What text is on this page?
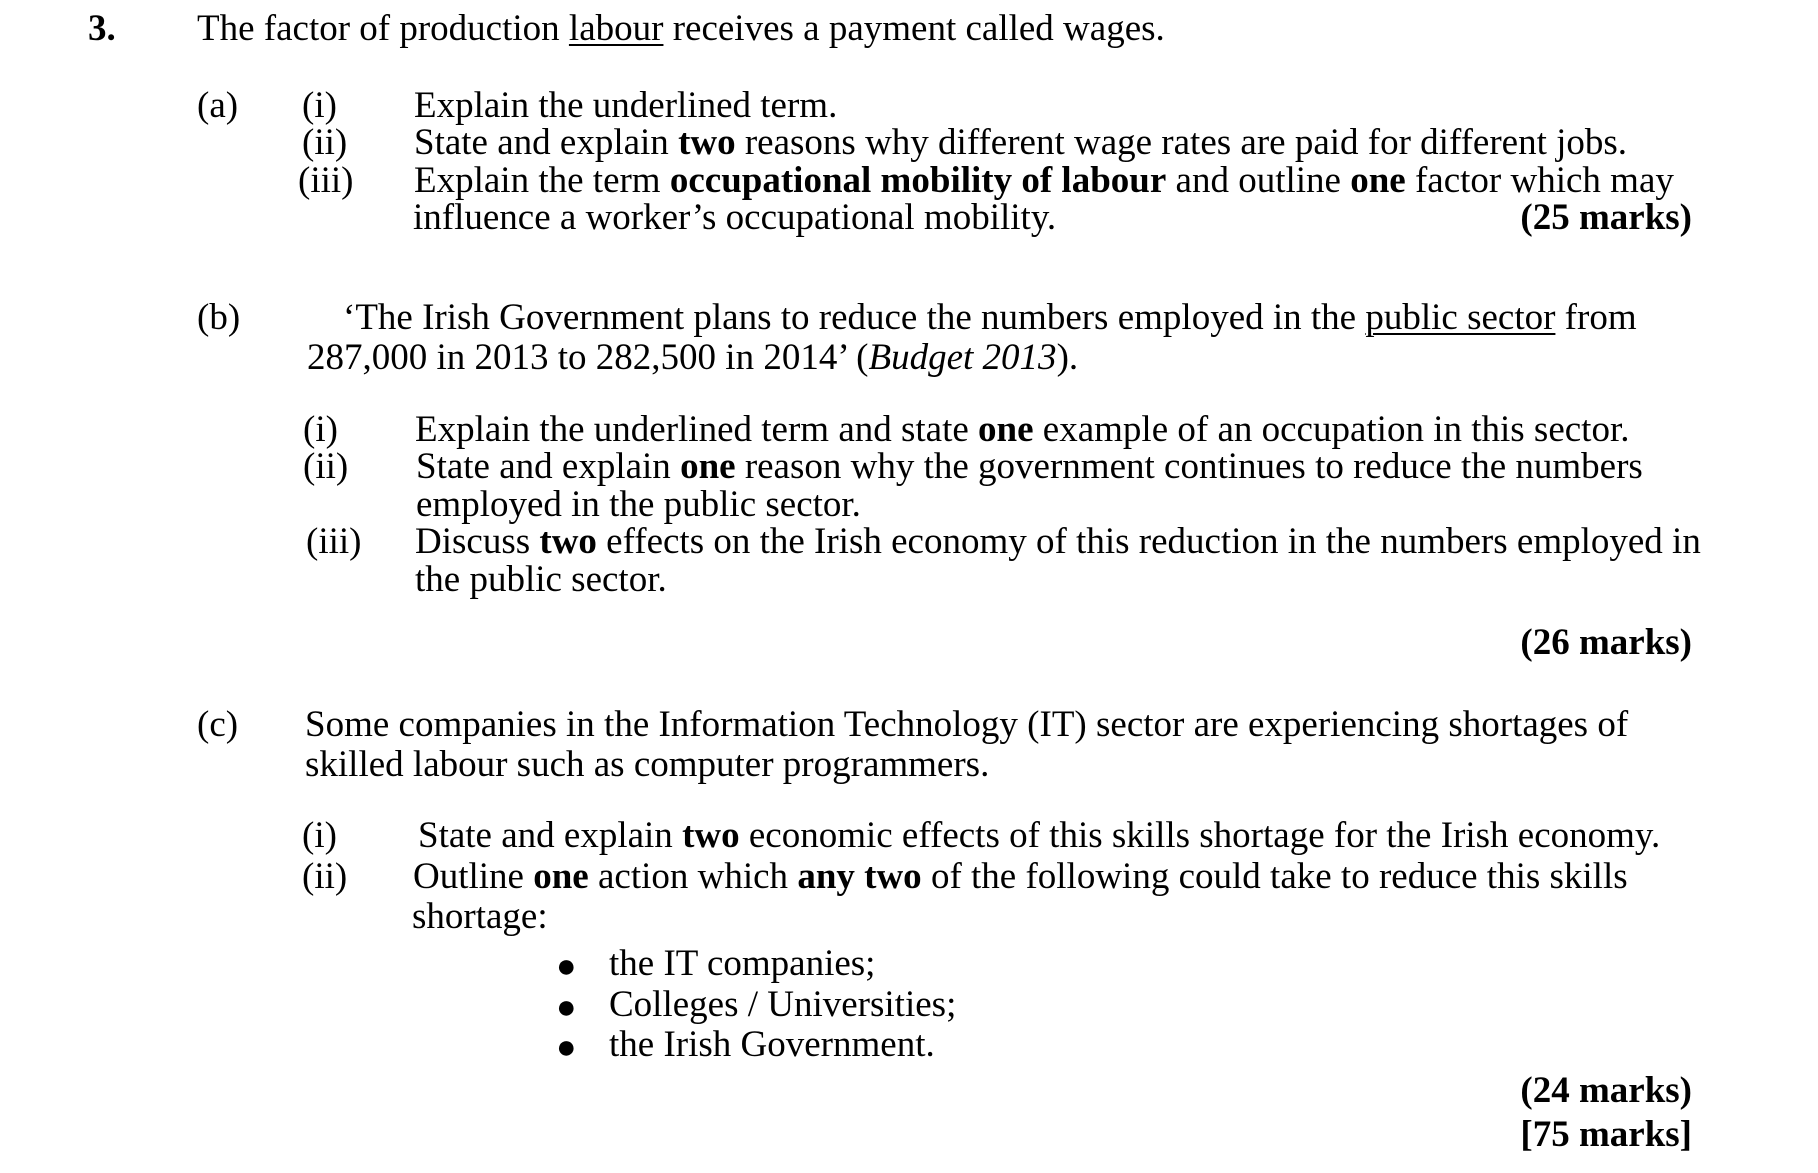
3. The factor of production labour receives a payment called wages.
(a) (i) Explain the underlined term.
(ii) State and explain two reasons why different wage rates are paid for different jobs.
(iii) Explain the term occupational mobility of labour and outline one factor which may
influence a worker’s occupational mobility.	(25 marks)
(b)	‘The Irish Government plans to reduce the numbers employed in the public sector from
287,000 in 2013 to 282,500 in 2014’ (Budget 2013).
(i) Explain the underlined term and state one example of an occupation in this sector.
(ii) State and explain one reason why the government continues to reduce the numbers
employed in the public sector.
(iii) Discuss two effects on the Irish economy of this reduction in the numbers employed in
the public sector.
(26 marks)
(c) Some companies in the Information Technology (IT) sector are experiencing shortages of
skilled labour such as computer programmers.
(i) State and explain two economic effects of this skills shortage for the Irish economy.
(ii) Outline one action which any two of the following could take to reduce this skills
shortage:
● the IT companies;
● Colleges / Universities;
● the Irish Government.
(24 marks)
[75 marks]
